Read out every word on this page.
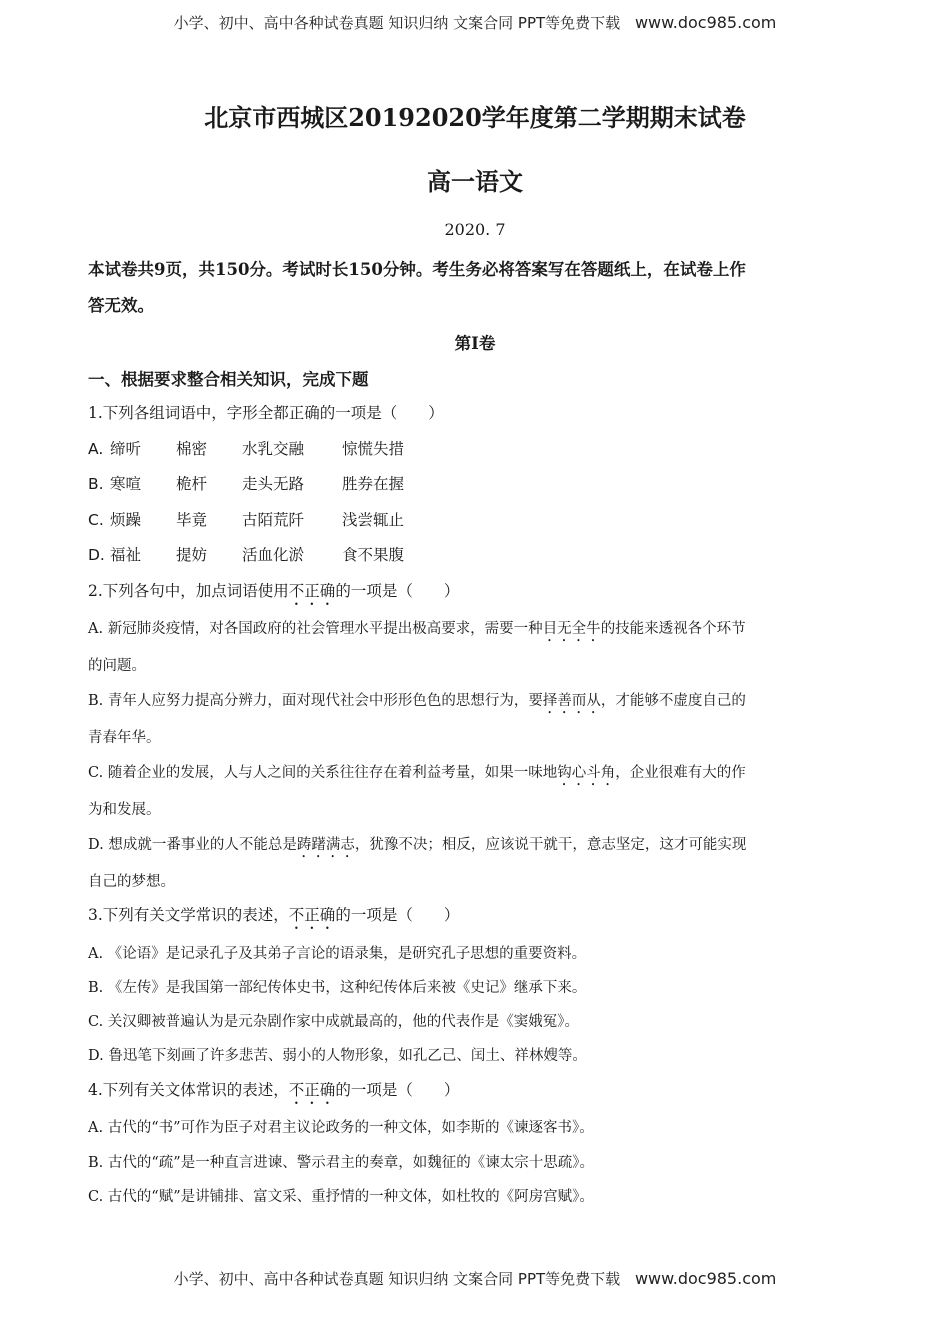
小学、初中、高中各种试卷真题 知识归纳 文案合同 PPT等免费下载 www.doc985.com
北京市西城区20192020学年度第二学期期末试卷
高一语文
2020. 7
本试卷共9页，共150分。考试时长150分钟。考生务必将答案写在答题纸上，在试卷上作
答无效。
第Ⅰ卷
一、根据要求整合相关知识，完成下题
1.下列各组词语中，字形全都正确的一项是（　　）
A. 缔听 棉密 水乳交融 惊慌失措
B. 寒喧 桅杆 走头无路 胜券在握
C. 烦躁 毕竟 古陌荒阡 浅尝辄止
D. 福祉 提妨 活血化淤 食不果腹
2.下列各句中，加点词语使用不正确的一项是（　　）
A. 新冠肺炎疫情，对各国政府的社会管理水平提出极高要求，需要一种目无全牛的技能来透视各个环节
的问题。
B. 青年人应努力提高分辨力，面对现代社会中形形色色的思想行为，要择善而从，才能够不虚度自己的
青春年华。
C. 随着企业的发展，人与人之间的关系往往存在着利益考量，如果一味地钩心斗角，企业很难有大的作
为和发展。
D. 想成就一番事业的人不能总是踌躇满志，犹豫不决；相反，应该说干就干，意志坚定，这才可能实现
自己的梦想。
3.下列有关文学常识的表述，不正确的一项是（　　）
A. 《论语》是记录孔子及其弟子言论的语录集，是研究孔子思想的重要资料。
B. 《左传》是我国第一部纪传体史书，这种纪传体后来被《史记》继承下来。
C. 关汉卿被普遍认为是元杂剧作家中成就最高的，他的代表作是《窦娥冤》。
D. 鲁迅笔下刻画了许多悲苦、弱小的人物形象，如孔乙己、闰土、祥林嫂等。
4.下列有关文体常识的表述，不正确的一项是（　　）
A. 古代的“书”可作为臣子对君主议论政务的一种文体，如李斯的《谏逐客书》。
B. 古代的“疏”是一种直言进谏、警示君主的奏章，如魏征的《谏太宗十思疏》。
C. 古代的“赋”是讲铺排、富文采、重抒情的一种文体，如杜牧的《阿房宫赋》。
小学、初中、高中各种试卷真题 知识归纳 文案合同 PPT等免费下载 www.doc985.com
